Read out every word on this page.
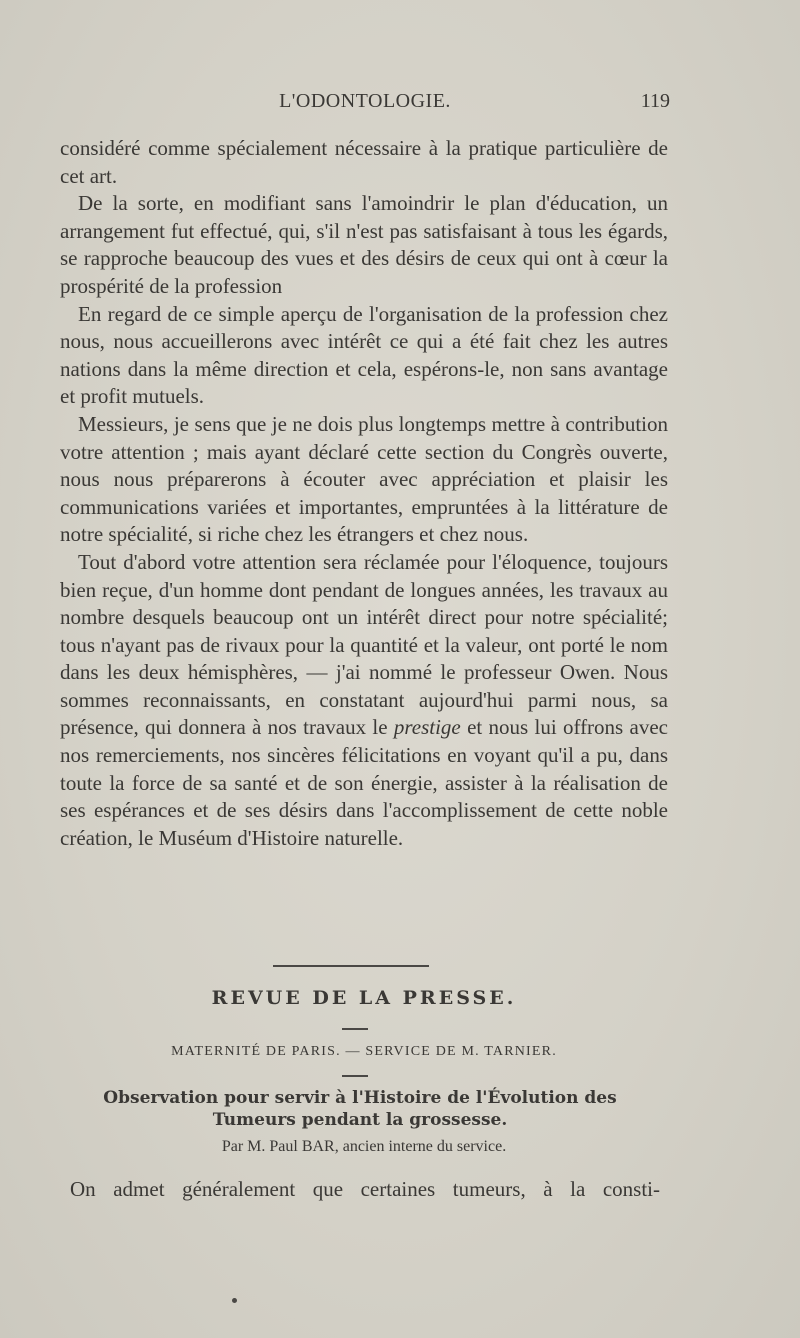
L'ODONTOLOGIE.	119

considéré comme spécialement nécessaire à la pratique particulière de cet art.

De la sorte, en modifiant sans l'amoindrir le plan d'éducation, un arrangement fut effectué, qui, s'il n'est pas satisfaisant à tous les égards, se rapproche beaucoup des vues et des désirs de ceux qui ont à cœur la prospérité de la profession

En regard de ce simple aperçu de l'organisation de la profession chez nous, nous accueillerons avec intérêt ce qui a été fait chez les autres nations dans la même direction et cela, espérons-le, non sans avantage et profit mutuels.

Messieurs, je sens que je ne dois plus longtemps mettre à contribution votre attention ; mais ayant déclaré cette section du Congrès ouverte, nous nous préparerons à écouter avec appréciation et plaisir les communications variées et importantes, empruntées à la littérature de notre spécialité, si riche chez les étrangers et chez nous.

Tout d'abord votre attention sera réclamée pour l'éloquence, toujours bien reçue, d'un homme dont pendant de longues années, les travaux au nombre desquels beaucoup ont un intérêt direct pour notre spécialité; tous n'ayant pas de rivaux pour la quantité et la valeur, ont porté le nom dans les deux hémisphères, — j'ai nommé le professeur Owen. Nous sommes reconnaissants, en constatant aujourd'hui parmi nous, sa présence, qui donnera à nos travaux le prestige et nous lui offrons avec nos remerciements, nos sincères félicitations en voyant qu'il a pu, dans toute la force de sa santé et de son énergie, assister à la réalisation de ses espérances et de ses désirs dans l'accomplissement de cette noble création, le Muséum d'Histoire naturelle.

REVUE DE LA PRESSE.
MATERNITÉ DE PARIS. — SERVICE DE M. TARNIER.
Observation pour servir à l'Histoire de l'Évolution des
Tumeurs pendant la grossesse.
Par M. Paul BAR, ancien interne du service.
On admet généralement que certaines tumeurs, à la consti-
